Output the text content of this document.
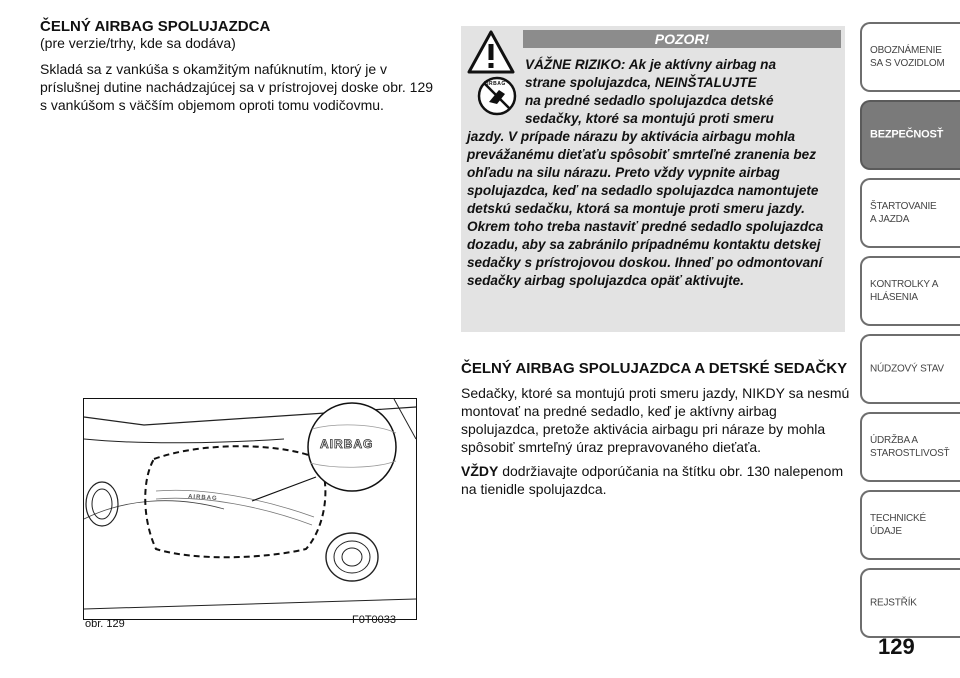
ČELNÝ AIRBAG SPOLUJAZDCA

(pre verzie/trhy, kde sa dodáva)

Skladá sa z vankúša s okamžitým nafúknutím, ktorý je v príslušnej dutine nachádzajúcej sa v prístrojovej doske obr. 129 s vankúšom s väčším objemom oproti tomu vodičovmu.

AIRBAG
AIRBAG
obr. 129	F0T0033
POZOR!
AIRBAG
VÁŽNE RIZIKO: Ak je aktívny airbag na
strane spolujazdca, NEINŠTALUJTE
na predné sedadlo spolujazdca detské
sedačky, ktoré sa montujú proti smeru
jazdy. V prípade nárazu by aktivácia airbagu mohla prevážanému dieťaťu spôsobiť smrteľné zranenia bez ohľadu na silu nárazu. Preto vždy vypnite airbag spolujazdca, keď na sedadlo spolujazdca namontujete detskú sedačku, ktorá sa montuje proti smeru jazdy. Okrem toho treba nastaviť predné sedadlo spolujazdca dozadu, aby sa zabránilo prípadnému kontaktu detskej sedačky s prístrojovou doskou. Ihneď po odmontovaní sedačky airbag spolujazdca opäť aktivujte.

ČELNÝ AIRBAG SPOLUJAZDCA A DETSKÉ SEDAČKY

Sedačky, ktoré sa montujú proti smeru jazdy, NIKDY sa nesmú montovať na predné sedadlo, keď je aktívny airbag spolujazdca, pretože aktivácia airbagu pri náraze by mohla spôsobiť smrteľný úraz prepravovaného dieťaťa.

VŽDY dodržiavajte odporúčania na štítku obr. 130 nalepenom na tienidle spolujazdca.

OBOZNÁMENIE SA S VOZIDLOM
BEZPEČNOSŤ
ŠTARTOVANIE A JAZDA
KONTROLKY A HLÁSENIA
NÚDZOVÝ STAV
ÚDRŽBA A STAROSTLIVOSŤ
TECHNICKÉ ÚDAJE
REJSTŘÍK
129
